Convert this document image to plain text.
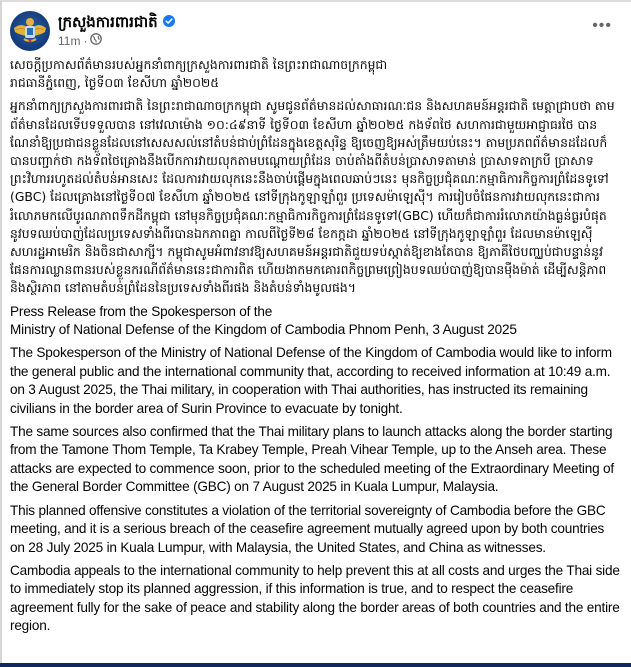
ក្រសួងការពារជាតិ
11m ·
•••

សេចក្ដីប្រកាសព័ត៌មានរបស់អ្នកនាំពាក្យក្រសួងការពារជាតិ នៃព្រះរាជាណាចក្រកម្ពុជា

រាជធានីភ្នំពេញ, ថ្ងៃទី០៣ ខែសីហា ឆ្នាំ២០២៥

អ្នកនាំពាក្យក្រសួងការពារជាតិ នៃព្រះរាជាណាចក្រកម្ពុជា សូមជូនព័ត៌មានដល់សាធារណៈជន និងសហគមន៍អន្តរជាតិ មេត្តាជ្រាបថា តាមព័ត៌មានដែលទើបទទួលបាន នៅវេលាម៉ោង ១០:៤៩នាទី ថ្ងៃទី០៣ ខែសីហា ឆ្នាំ២០២៥ កងទ័ពថៃ សហការជាមួយអាជ្ញាធរថៃ បានណែនាំឱ្យប្រជាជនខ្លួនដែលនៅសេសសល់នៅតំបន់ជាប់ព្រំដែនក្នុងខេត្តសុរិន្ទ ឱ្យចេញឱ្យអស់ត្រឹមយប់នេះ។ តាមប្រភពព័ត៌មានដដែលក៏បានបញ្ជាក់ថា កងទ័ពថៃគ្រោងនឹងបើកការវាយលុកតាមបណ្ដោយព្រំដែន ចាប់តាំងពីតំបន់ប្រាសាទតាមាន់ ប្រាសាទតាក្របី ប្រាសាទព្រះវិហាររហូតដល់តំបន់អានសេះ ដែលការវាយលុកនេះនឹងចាប់ផ្ដើមក្នុងពេលឆាប់ៗនេះ មុនកិច្ចប្រជុំគណៈកម្មាធិការកិច្ចការព្រំដែនទូទៅ (GBC) ដែលគ្រោងនៅថ្ងៃទី០៧ ខែសីហា ឆ្នាំ២០២៥ នៅទីក្រុងកូឡាឡាំពួរ ប្រទេសម៉ាឡេស៊ី។ ការរៀបចំផែនការវាយលុកនេះជាការរំលោភមកលើបូរណភាពទឹកដីកម្ពុជា នៅមុនកិច្ចប្រជុំគណៈកម្មាធិការកិច្ចការព្រំដែនទូទៅ(GBC) ហើយក៏ជាការរំលោភយ៉ាងធ្ងន់ធ្ងរបំផុត នូវបទឈប់បាញ់ដែលប្រទេសទាំងពីរបានឯកភាពគ្នា កាលពីថ្ងៃទី២៨ ខែកក្កដា ឆ្នាំ២០២៥ នៅទីក្រុងកូឡាឡាំពួរ ដែលមានម៉ាឡេស៊ី សហរដ្ឋអាមេរិក និងចិនជាសាក្សី។ កម្ពុជាសូមអំពាវនាវឱ្យសហគមន៍អន្តរជាតិជួយទប់ស្កាត់ឱ្យខាងតែបាន ឱ្យភាគីថៃបញ្ឈប់ជាបន្ទាន់នូវផែនការឈ្លានពានរបស់ខ្លួនករណីព័ត៌មាននេះជាការពិត ហើយងាកមកគោរពកិច្ចព្រមព្រៀងបទឈប់បាញ់ឱ្យបានម៉ឺងម៉ាត់ ដើម្បីសន្តិភាព និងស្ថិរភាព នៅតាមតំបន់ព្រំដែននៃប្រទេសទាំងពីរផង និងតំបន់ទាំងមូលផង។

Press Release from the Spokesperson of the

Ministry of National Defense of the Kingdom of Cambodia Phnom Penh, 3 August 2025

The Spokesperson of the Ministry of National Defense of the Kingdom of Cambodia would like to inform the general public and the international community that, according to received information at 10:49 a.m. on 3 August 2025, the Thai military, in cooperation with Thai authorities, has instructed its remaining civilians in the border area of Surin Province to evacuate by tonight.

The same sources also confirmed that the Thai military plans to launch attacks along the border starting from the Tamone Thom Temple, Ta Krabey Temple, Preah Vihear Temple, up to the Anseh area. These attacks are expected to commence soon, prior to the scheduled meeting of the Extraordinary Meeting of the General Border Committee (GBC) on 7 August 2025 in Kuala Lumpur, Malaysia.

This planned offensive constitutes a violation of the territorial sovereignty of Cambodia before the GBC meeting, and it is a serious breach of the ceasefire agreement mutually agreed upon by both countries on 28 July 2025 in Kuala Lumpur, with Malaysia, the United States, and China as witnesses.

Cambodia appeals to the international community to help prevent this at all costs and urges the Thai side to immediately stop its planned aggression, if this information is true, and to respect the ceasefire agreement fully for the sake of peace and stability along the border areas of both countries and the entire region.
